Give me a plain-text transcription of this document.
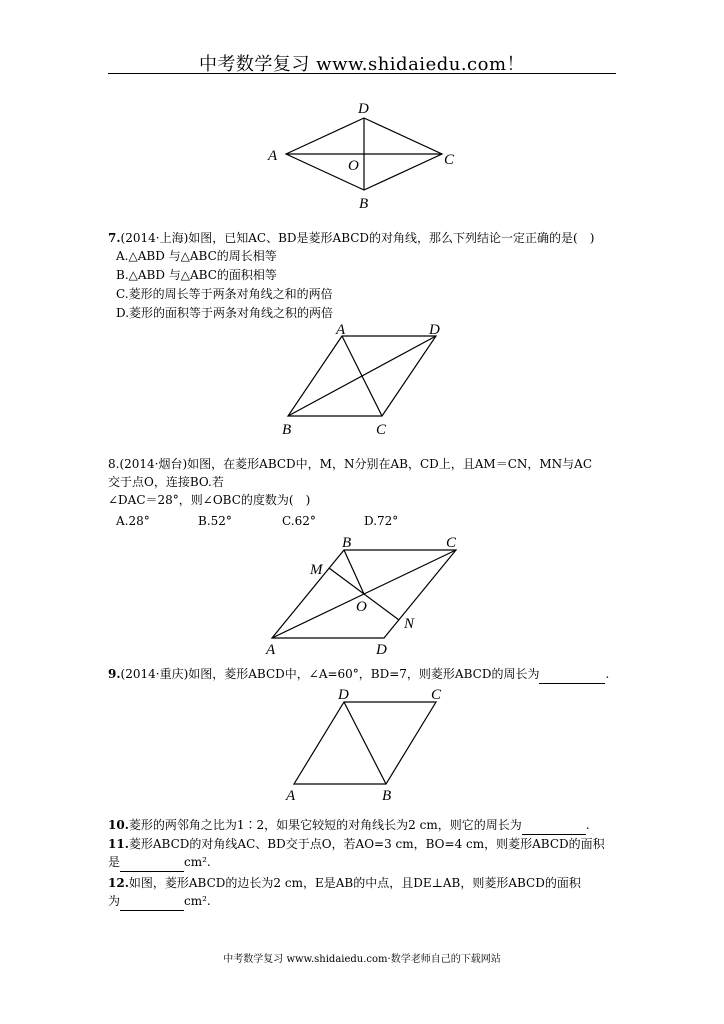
中考数学复习 www.shidaiedu.com！
D
A
O	C
B
7.(2014·上海)如图，已知AC、BD是菱形ABCD的对角线，那么下列结论一定正确的是(　)
A.△ABD 与△ABC的周长相等
B.△ABD 与△ABC的面积相等
C.菱形的周长等于两条对角线之和的两倍
D.菱形的面积等于两条对角线之积的两倍
A	D
B	C
8.(2014·烟台)如图，在菱形ABCD中，M，N分别在AB，CD上，且AM＝CN，MN与AC
交于点O，连接BO.若
∠DAC＝28°，则∠OBC的度数为(　)
A.28°	B.52°	C.62°	D.72°
B	C
M
O
N
A	D
9.(2014·重庆)如图，菱形ABCD中，∠A=60°，BD=7，则菱形ABCD的周长为	.
D	C
A	B
10.菱形的两邻角之比为1∶2，如果它较短的对角线长为2 cm，则它的周长为	.
11.菱形ABCD的对角线AC、BD交于点O，若AO=3 cm，BO=4 cm，则菱形ABCD的面积
是	cm².
12.如图，菱形ABCD的边长为2 cm，E是AB的中点，且DE⊥AB，则菱形ABCD的面积
为	cm².
中考数学复习 www.shidaiedu.com·数学老师自己的下载网站
